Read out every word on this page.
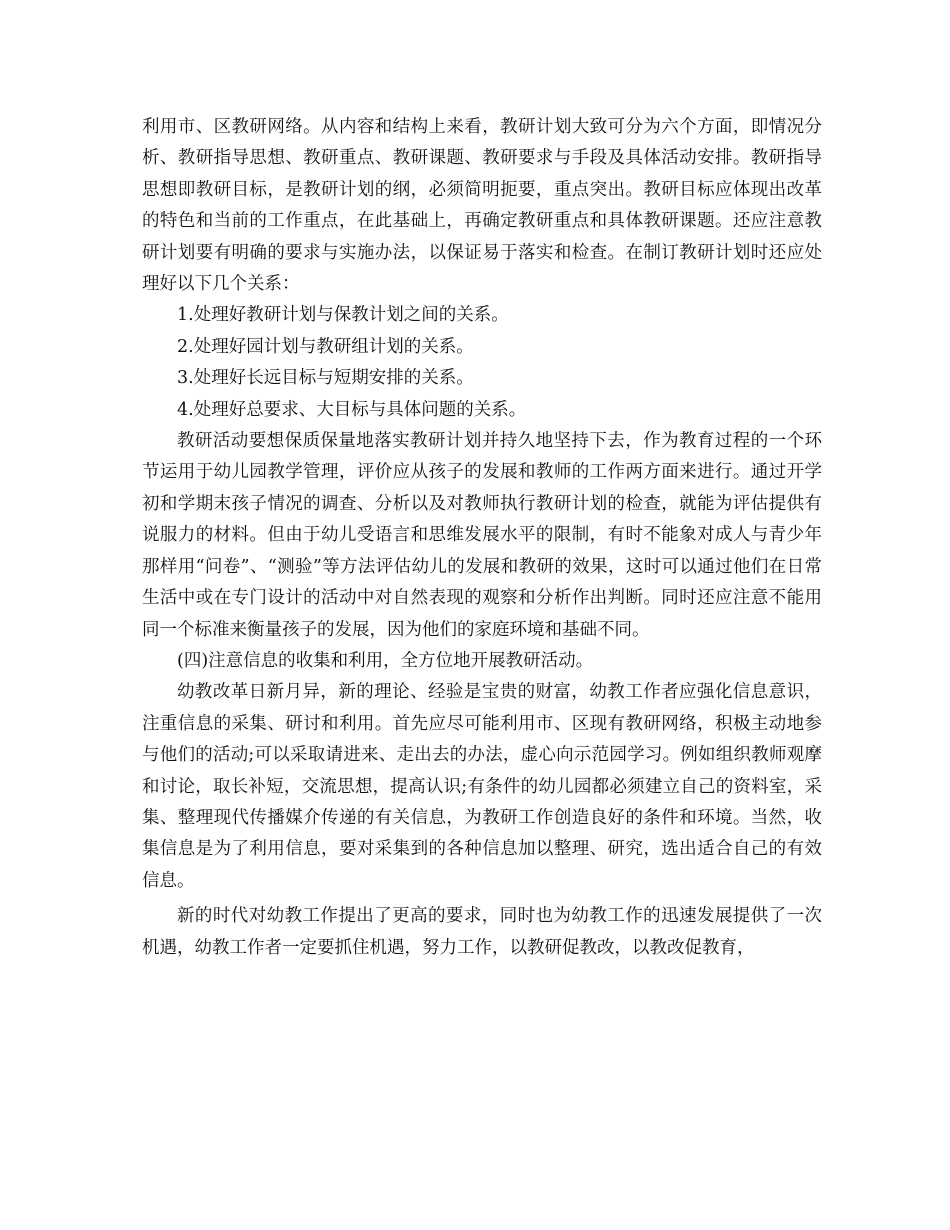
利用市、区教研网络。从内容和结构上来看，教研计划大致可分为六个方面，即情况分析、教研指导思想、教研重点、教研课题、教研要求与手段及具体活动安排。教研指导思想即教研目标，是教研计划的纲，必须简明扼要，重点突出。教研目标应体现出改革的特色和当前的工作重点，在此基础上，再确定教研重点和具体教研课题。还应注意教研计划要有明确的要求与实施办法，以保证易于落实和检查。在制订教研计划时还应处理好以下几个关系：

1.处理好教研计划与保教计划之间的关系。

2.处理好园计划与教研组计划的关系。

3.处理好长远目标与短期安排的关系。

4.处理好总要求、大目标与具体问题的关系。

教研活动要想保质保量地落实教研计划并持久地坚持下去，作为教育过程的一个环节运用于幼儿园教学管理，评价应从孩子的发展和教师的工作两方面来进行。通过开学初和学期末孩子情况的调查、分析以及对教师执行教研计划的检查，就能为评估提供有说服力的材料。但由于幼儿受语言和思维发展水平的限制，有时不能象对成人与青少年那样用“问卷”、“测验”等方法评估幼儿的发展和教研的效果，这时可以通过他们在日常生活中或在专门设计的活动中对自然表现的观察和分析作出判断。同时还应注意不能用同一个标准来衡量孩子的发展，因为他们的家庭环境和基础不同。

(四)注意信息的收集和利用，全方位地开展教研活动。

幼教改革日新月异，新的理论、经验是宝贵的财富，幼教工作者应强化信息意识，注重信息的采集、研讨和利用。首先应尽可能利用市、区现有教研网络，积极主动地参与他们的活动;可以采取请进来、走出去的办法，虚心向示范园学习。例如组织教师观摩和讨论，取长补短，交流思想，提高认识;有条件的幼儿园都必须建立自己的资料室，采集、整理现代传播媒介传递的有关信息，为教研工作创造良好的条件和环境。当然，收集信息是为了利用信息，要对采集到的各种信息加以整理、研究，选出适合自己的有效信息。

新的时代对幼教工作提出了更高的要求，同时也为幼教工作的迅速发展提供了一次机遇，幼教工作者一定要抓住机遇，努力工作，以教研促教改，以教改促教育，
